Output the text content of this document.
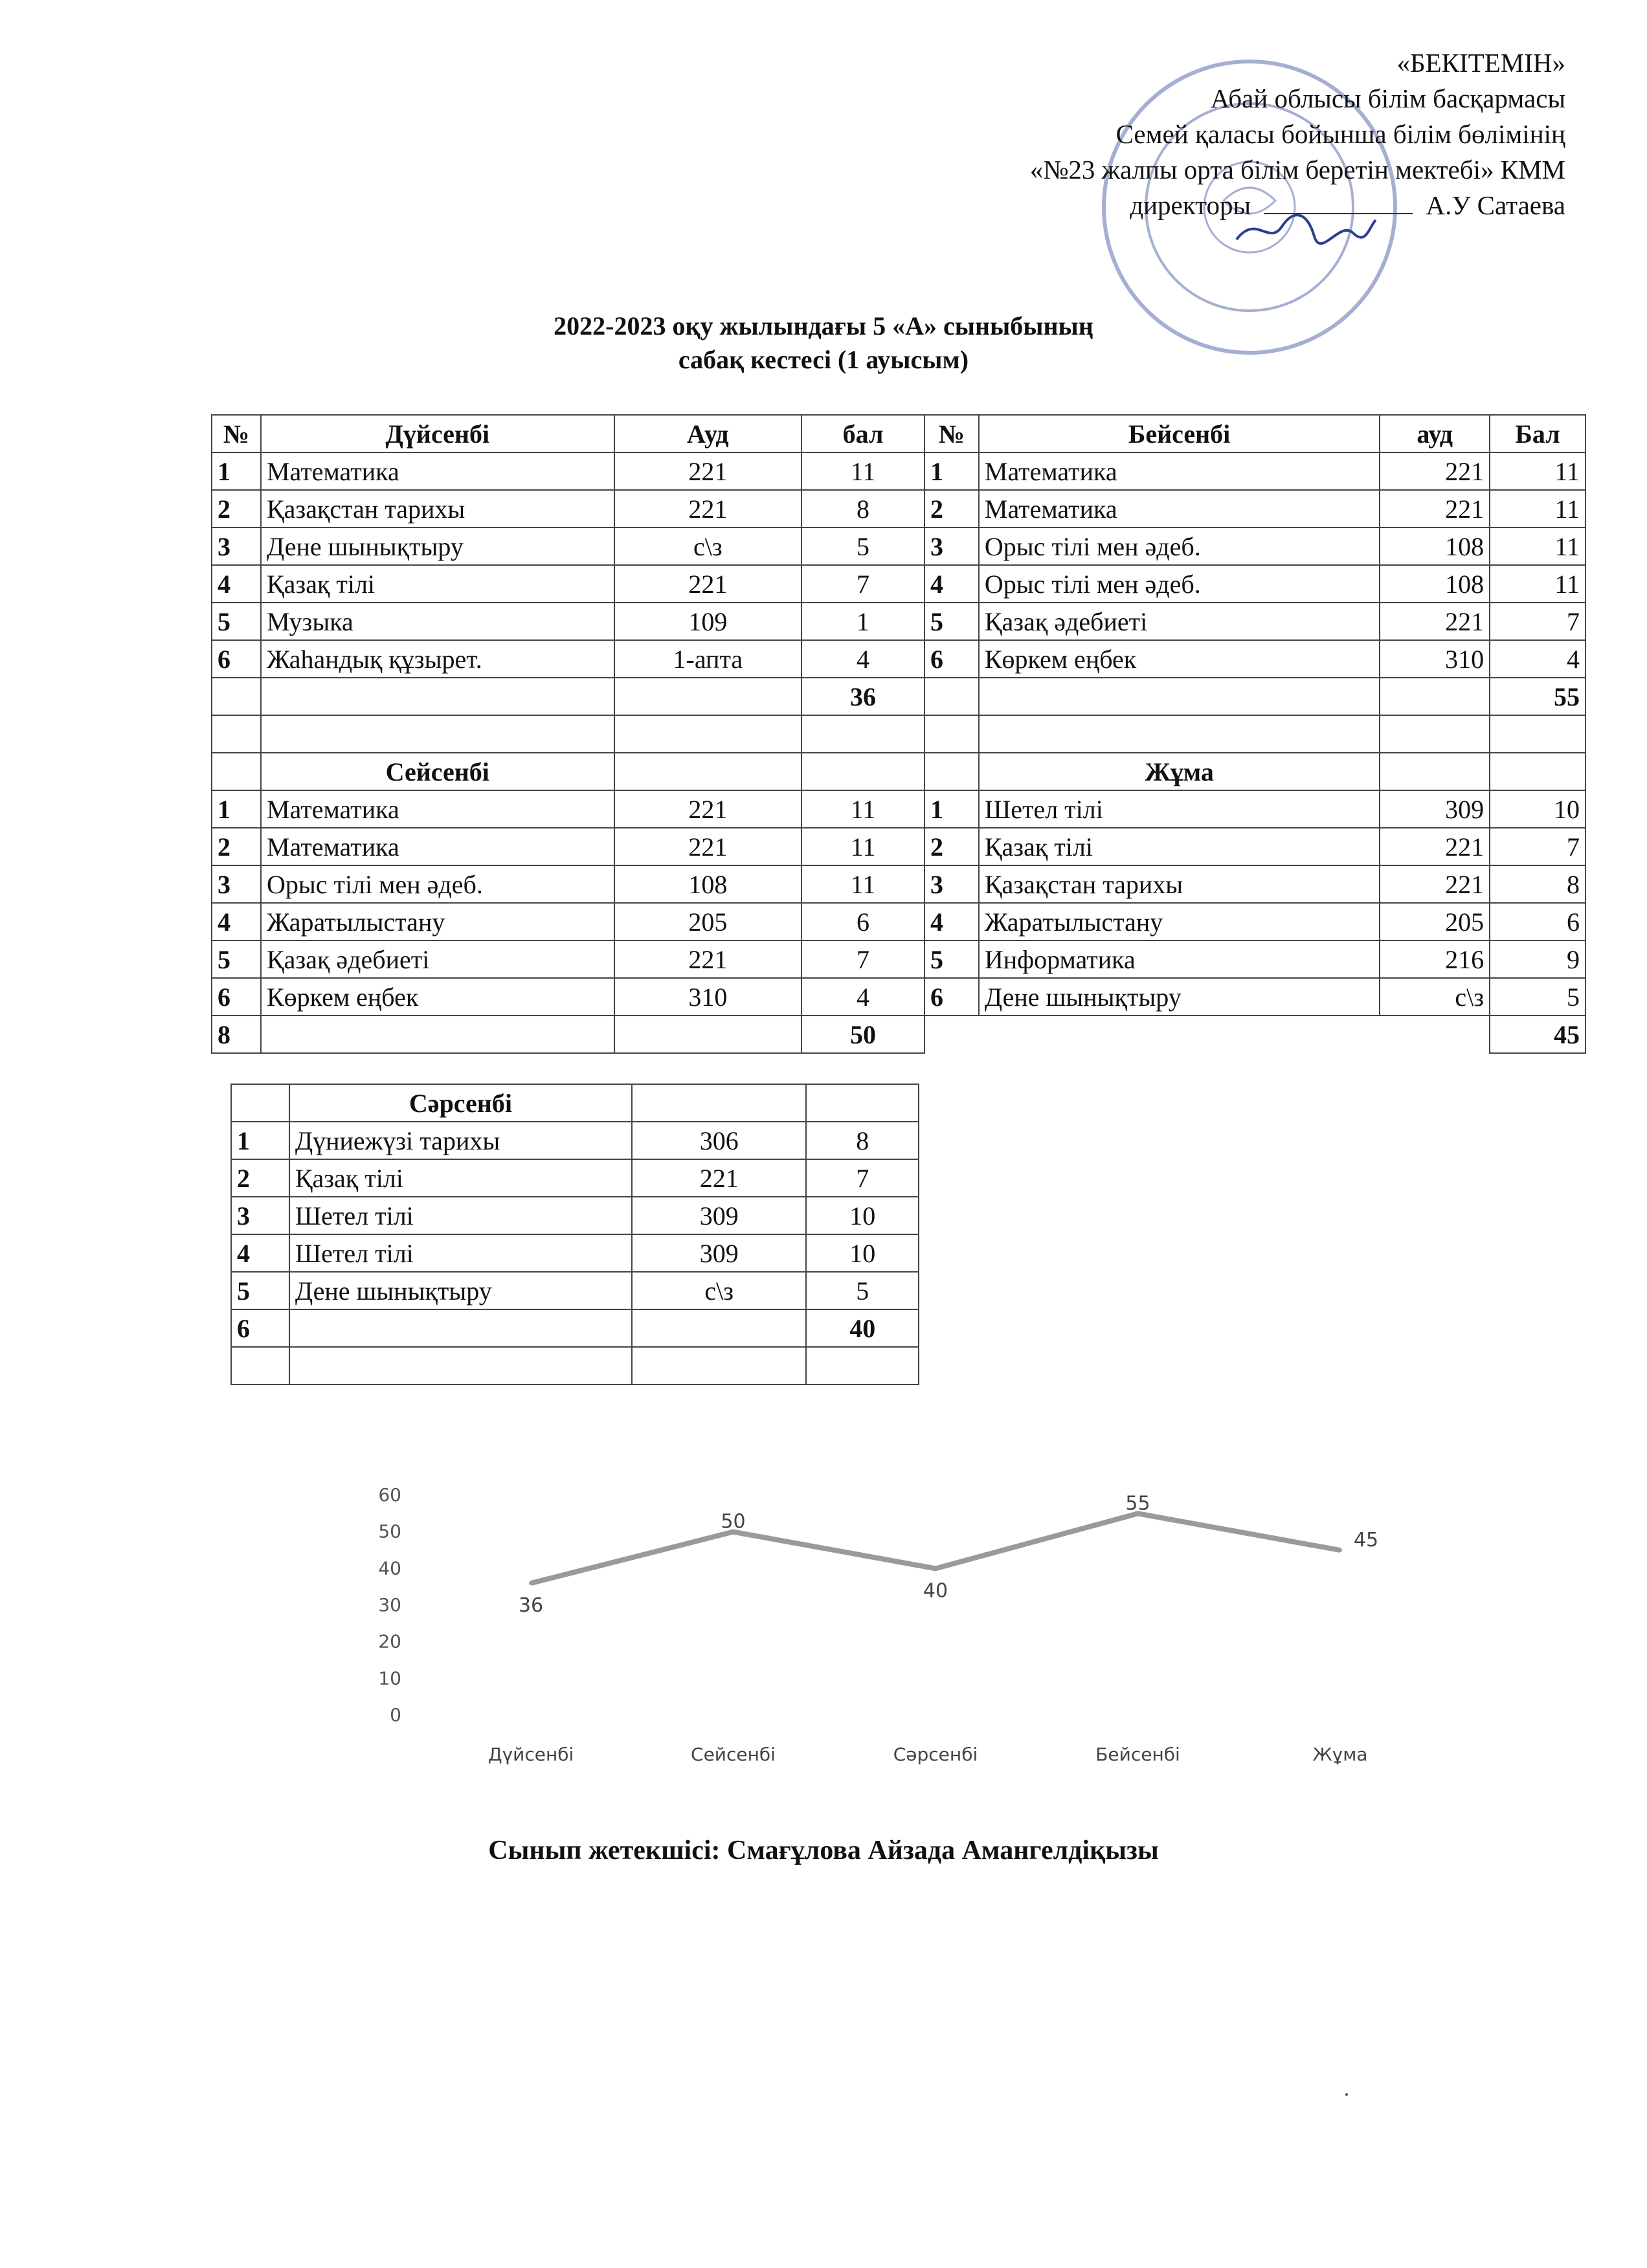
«БЕКІТЕМІН»
Абай облысы білім басқармасы
Семей қаласы бойынша білім бөлімінің
«№23 жалпы орта білім беретін мектебі» КММ
директоры	А.У Сатаева
2022-2023 оқу жылындағы 5 «А» сыныбының
сабақ кестесі (1 ауысым)
№	Дүйсенбі	Ауд	бал	№	Бейсенбі	ауд	Бал
1	Математика	221	11	1	Математика	221	11
2	Қазақстан тарихы	221	8	2	Математика	221	11
3	Дене шынықтыру	с\з	5	3	Орыс тілі мен әдеб.	108	11
4	Қазақ тілі	221	7	4	Орыс тілі мен әдеб.	108	11
5	Музыка	109	1	5	Қазақ әдебиеті	221	7
6	Жаһандық құзырет.	1-апта	4	6	Көркем еңбек	310	4
			36				55

	Сейсенбі				Жұма		
1	Математика	221	11	1	Шетел тілі	309	10
2	Математика	221	11	2	Қазақ тілі	221	7
3	Орыс тілі мен әдеб.	108	11	3	Қазақстан тарихы	221	8
4	Жаратылыстану	205	6	4	Жаратылыстану	205	6
5	Қазақ әдебиеті	221	7	5	Информатика	216	9
6	Көркем еңбек	310	4	6	Дене шынықтыру	с\з	5
8			50				45
	Сәрсенбі		
1	Дүниежүзі тарихы	306	8
2	Қазақ тілі	221	7
3	Шетел тілі	309	10
4	Шетел тілі	309	10
5	Дене шынықтыру	с\з	5
6			40

0
10
20
30
40
50
60
36
Дүйсенбі
50
Сейсенбі
40
Сәрсенбі
55
Бейсенбі
45
Жұма
Сынып жетекшісі: Смағұлова Айзада Амангелдіқызы
